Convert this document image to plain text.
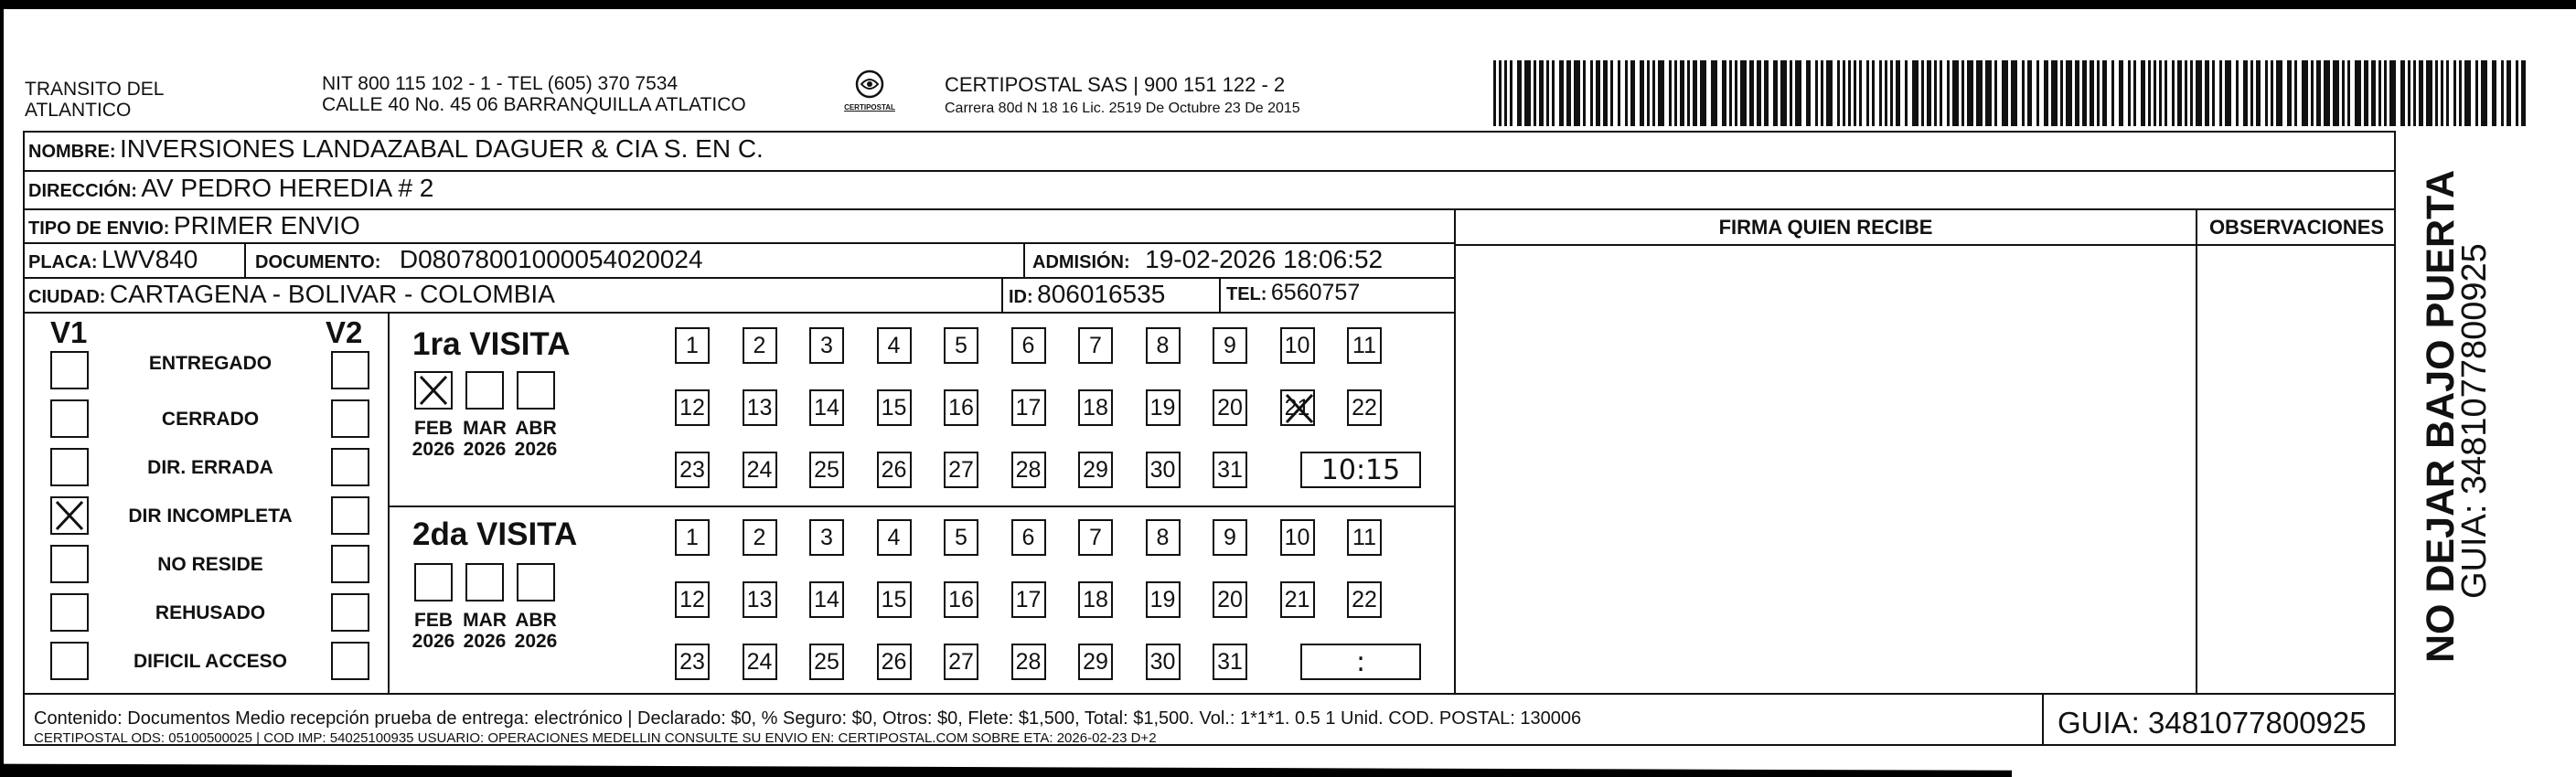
TRANSITO DEL
ATLANTICO
NIT 800 115 102 - 1 - TEL (605) 370 7534
CALLE 40 No. 45 06 BARRANQUILLA ATLATICO	CERTIPOSTAL
CERTIPOSTAL SAS | 900 151 122 - 2
Carrera 80d N 18 16 Lic. 2519 De Octubre 23 De 2015
NOMBRE: INVERSIONES LANDAZABAL DAGUER & CIA S. EN C.
DIRECCIÓN: AV PEDRO HEREDIA # 2
TIPO DE ENVIO: PRIMER ENVIO
PLACA: LWV840	DOCUMENTO: D08078001000054020024	ADMISIÓN: 19-02-2026 18:06:52
CIUDAD: CARTAGENA - BOLIVAR - COLOMBIA	ID: 806016535	TEL: 6560757
FIRMA QUIEN RECIBE	OBSERVACIONES
V1	V2
ENTREGADO
CERRADO
DIR. ERRADA
DIR INCOMPLETA
NO RESIDE
REHUSADO
DIFICIL ACCESO
1ra VISITA
2da VISITA
FEB
2026
MAR
2026
ABR
2026
1 2 3 4 5 6 7 8 9 10 11
12 13 14 15 16 17 18 19 20 21 22
23 24 25 26 27 28 29 30 31	10:15
FEB
2026
MAR
2026
ABR
2026
1 2 3 4 5 6 7 8 9 10 11
12 13 14 15 16 17 18 19 20 21 22
23 24 25 26 27 28 29 30 31	:
Contenido: Documentos Medio recepción prueba de entrega: electrónico | Declarado: $0, % Seguro: $0, Otros: $0, Flete: $1,500, Total: $1,500. Vol.: 1*1*1. 0.5 1 Unid. COD. POSTAL: 130006
CERTIPOSTAL ODS: 05100500025 | COD IMP: 54025100935 USUARIO: OPERACIONES MEDELLIN CONSULTE SU ENVIO EN: CERTIPOSTAL.COM SOBRE ETA: 2026-02-23 D+2	GUIA: 3481077800925
NO DEJAR BAJO PUERTA
GUIA: 3481077800925
